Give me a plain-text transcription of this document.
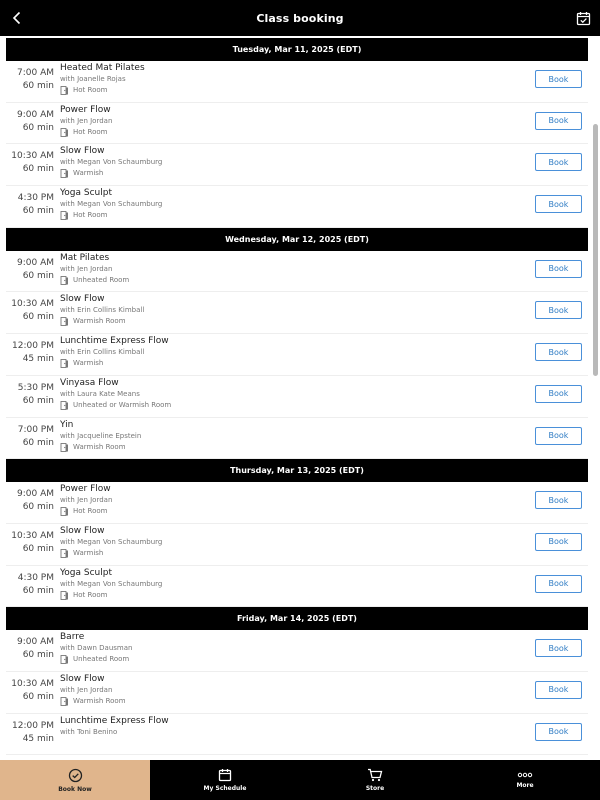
Class booking
Tuesday, Mar 11, 2025 (EDT)
7:00 AM
60 min
Heated Mat Pilates
with Joanelle Rojas
Hot Room
Book
9:00 AM
60 min
Power Flow
with Jen Jordan
Hot Room
Book
10:30 AM
60 min
Slow Flow
with Megan Von Schaumburg
Warmish
Book
4:30 PM
60 min
Yoga Sculpt
with Megan Von Schaumburg
Hot Room
Book
Wednesday, Mar 12, 2025 (EDT)
9:00 AM
60 min
Mat Pilates
with Jen Jordan
Unheated Room
Book
10:30 AM
60 min
Slow Flow
with Erin Collins Kimball
Warmish Room
Book
12:00 PM
45 min
Lunchtime Express Flow
with Erin Collins Kimball
Warmish
Book
5:30 PM
60 min
Vinyasa Flow
with Laura Kate Means
Unheated or Warmish Room
Book
7:00 PM
60 min
Yin
with Jacqueline Epstein
Warmish Room
Book
Thursday, Mar 13, 2025 (EDT)
9:00 AM
60 min
Power Flow
with Jen Jordan
Hot Room
Book
10:30 AM
60 min
Slow Flow
with Megan Von Schaumburg
Warmish
Book
4:30 PM
60 min
Yoga Sculpt
with Megan Von Schaumburg
Hot Room
Book
Friday, Mar 14, 2025 (EDT)
9:00 AM
60 min
Barre
with Dawn Dausman
Unheated Room
Book
10:30 AM
60 min
Slow Flow
with Jen Jordan
Warmish Room
Book
12:00 PM
45 min
Lunchtime Express Flow
with Toni Benino	Book
Book Now	My Schedule	Store	More
